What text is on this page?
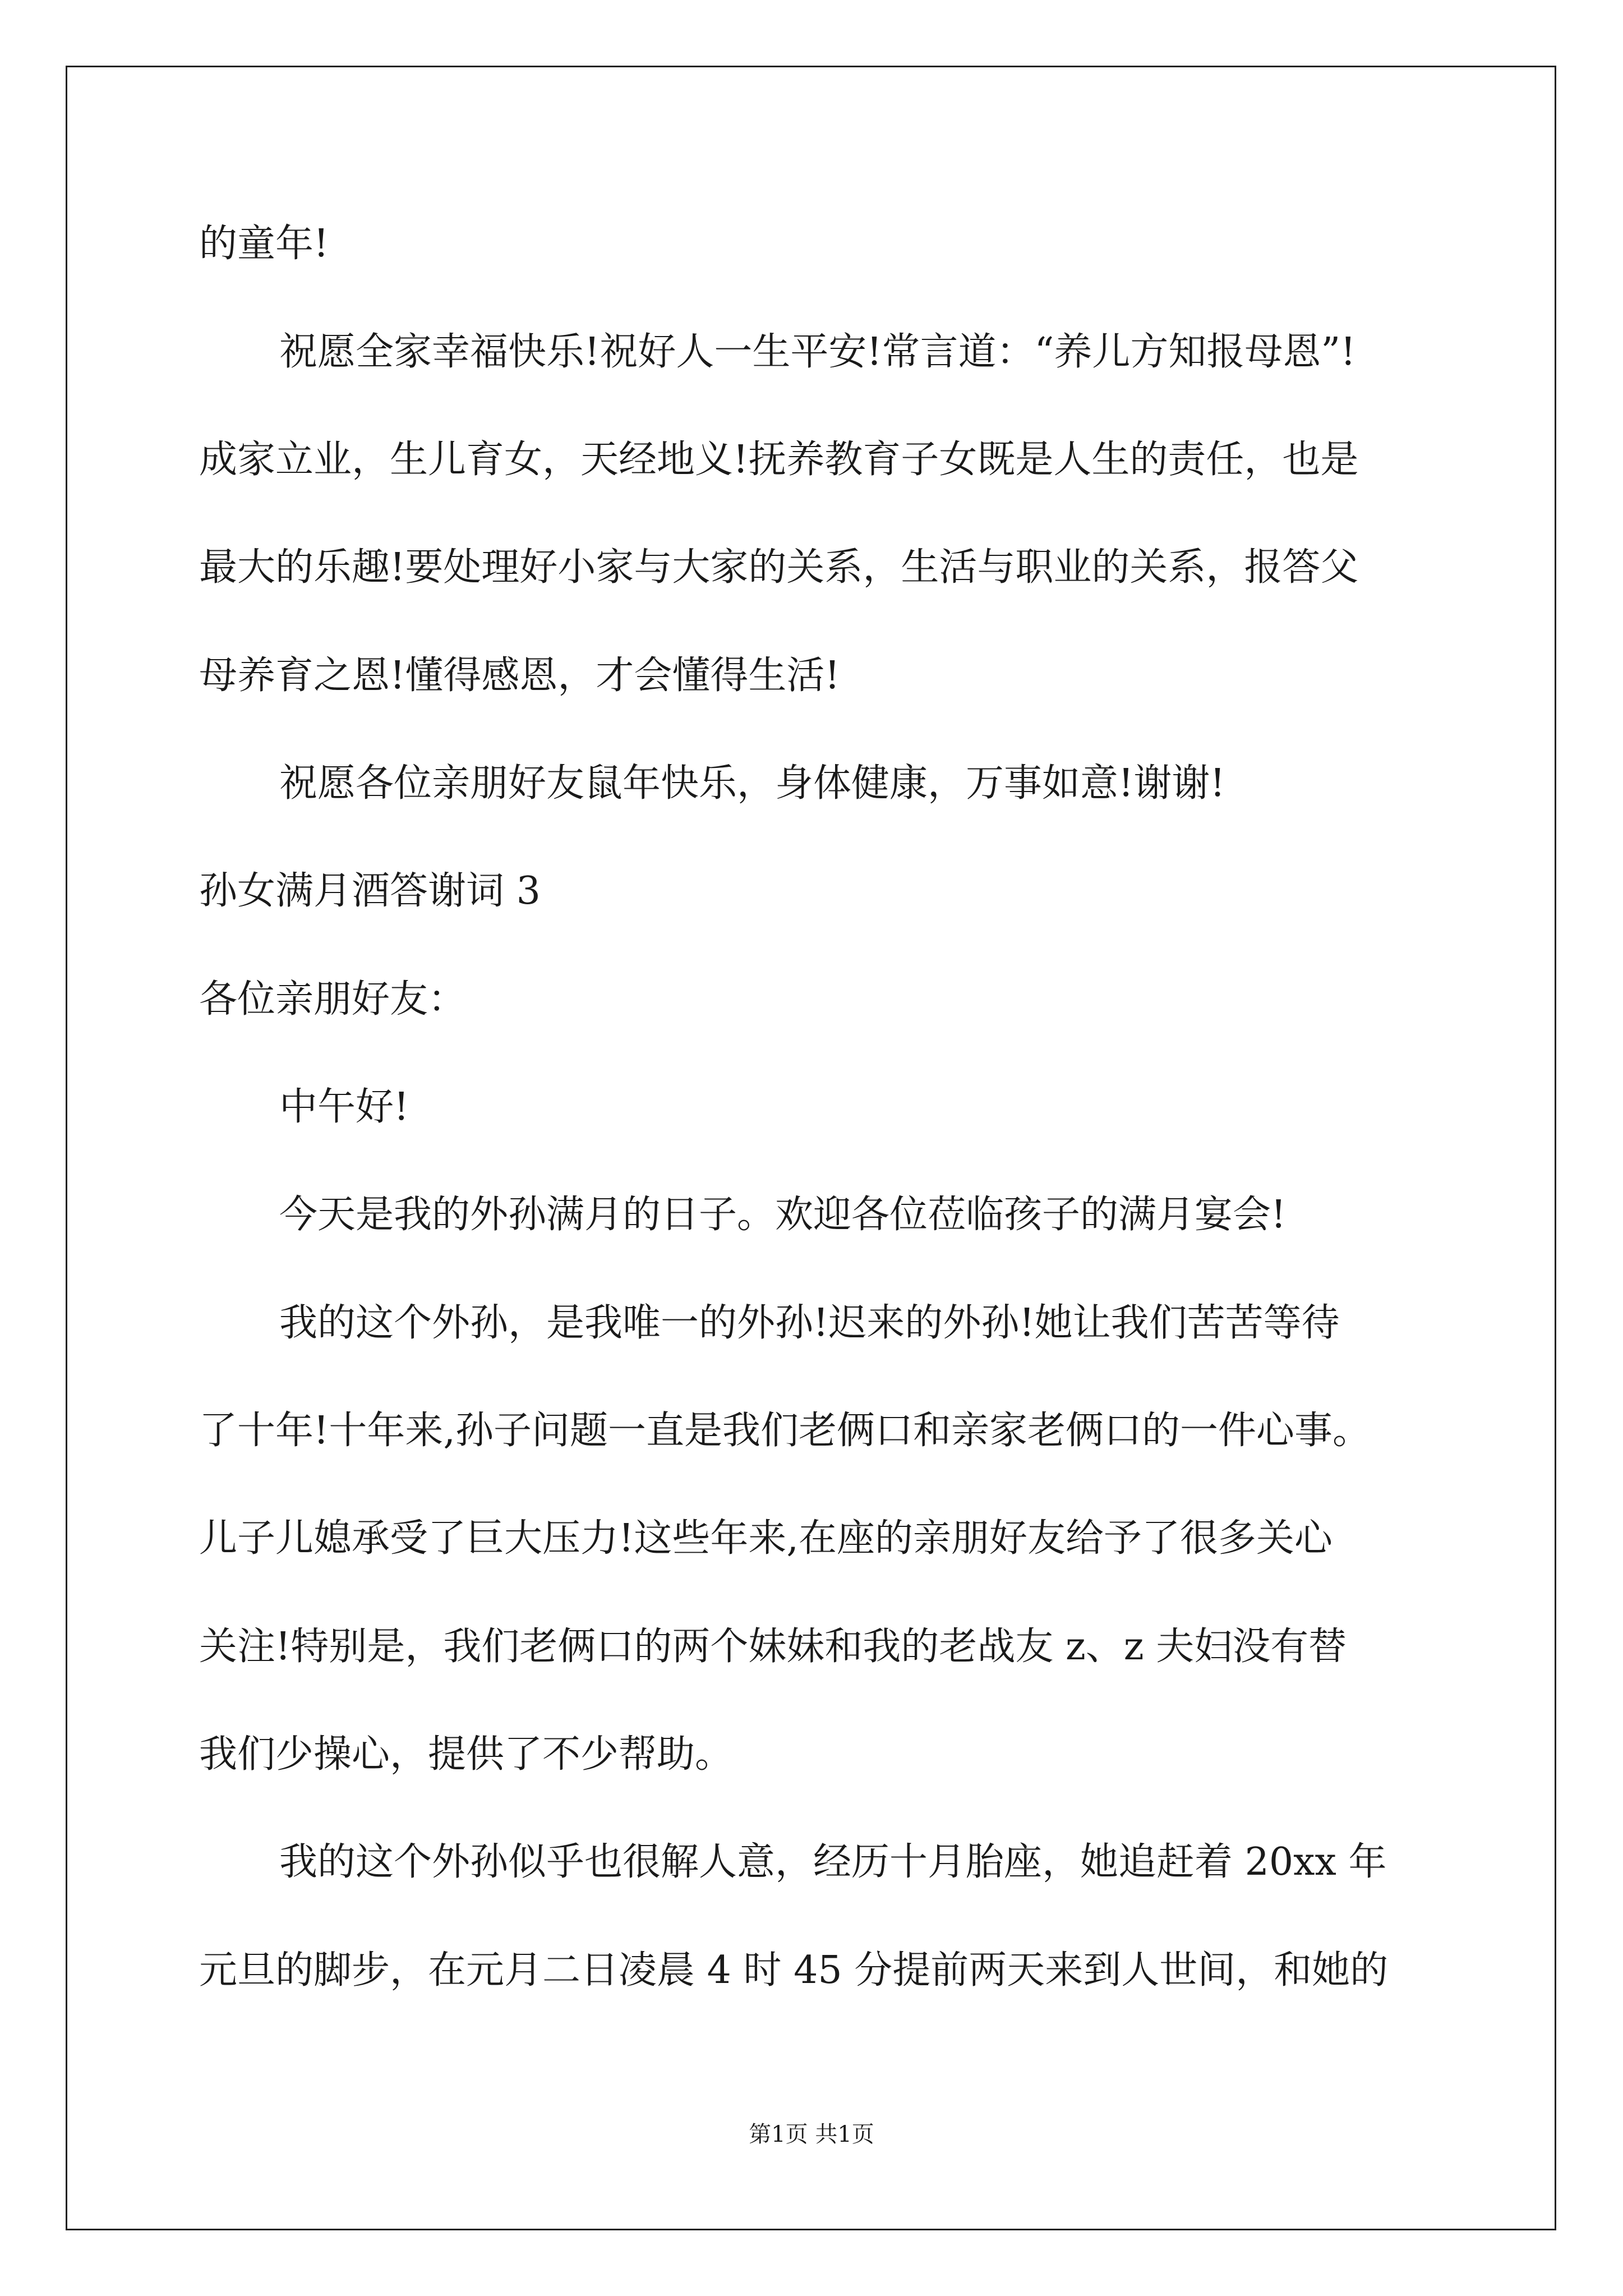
的童年!
祝愿全家幸福快乐!祝好人一生平安!常言道：“养儿方知报母恩”!
成家立业，生儿育女，天经地义!抚养教育子女既是人生的责任，也是
最大的乐趣!要处理好小家与大家的关系，生活与职业的关系，报答父
母养育之恩!懂得感恩，才会懂得生活!
祝愿各位亲朋好友鼠年快乐，身体健康，万事如意!谢谢!
孙女满月酒答谢词 3
各位亲朋好友：
中午好!
今天是我的外孙满月的日子。欢迎各位莅临孩子的满月宴会!
我的这个外孙，是我唯一的外孙!迟来的外孙!她让我们苦苦等待
了十年!十年来,孙子问题一直是我们老俩口和亲家老俩口的一件心事。
儿子儿媳承受了巨大压力!这些年来,在座的亲朋好友给予了很多关心
关注!特别是，我们老俩口的两个妹妹和我的老战友 z、z 夫妇没有替
我们少操心，提供了不少帮助。
我的这个外孙似乎也很解人意，经历十月胎座，她追赶着 20xx 年
元旦的脚步，在元月二日凌晨 4 时 45 分提前两天来到人世间，和她的
第1页 共1页
